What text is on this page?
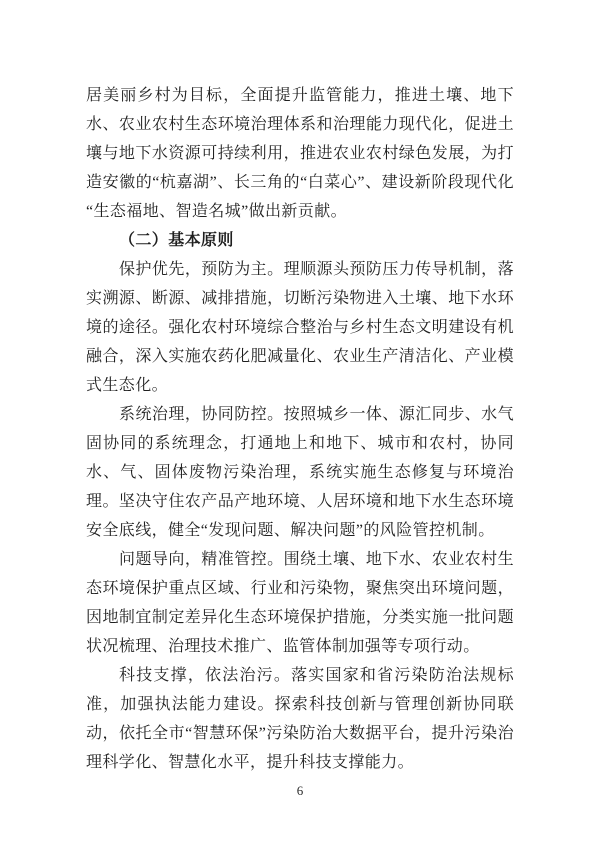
居美丽乡村为目标，全面提升监管能力，推进土壤、地下水、农业农村生态环境治理体系和治理能力现代化，促进土壤与地下水资源可持续利用，推进农业农村绿色发展，为打造安徽的“杭嘉湖”、长三角的“白菜心”、建设新阶段现代化“生态福地、智造名城”做出新贡献。

（二）基本原则

保护优先，预防为主。理顺源头预防压力传导机制，落实溯源、断源、减排措施，切断污染物进入土壤、地下水环境的途径。强化农村环境综合整治与乡村生态文明建设有机融合，深入实施农药化肥减量化、农业生产清洁化、产业模式生态化。

系统治理，协同防控。按照城乡一体、源汇同步、水气固协同的系统理念，打通地上和地下、城市和农村，协同水、气、固体废物污染治理，系统实施生态修复与环境治理。坚决守住农产品产地环境、人居环境和地下水生态环境安全底线，健全“发现问题、解决问题”的风险管控机制。

问题导向，精准管控。围绕土壤、地下水、农业农村生态环境保护重点区域、行业和污染物，聚焦突出环境问题，因地制宜制定差异化生态环境保护措施，分类实施一批问题状况梳理、治理技术推广、监管体制加强等专项行动。

科技支撑，依法治污。落实国家和省污染防治法规标准，加强执法能力建设。探索科技创新与管理创新协同联动，依托全市“智慧环保”污染防治大数据平台，提升污染治理科学化、智慧化水平，提升科技支撑能力。

6
